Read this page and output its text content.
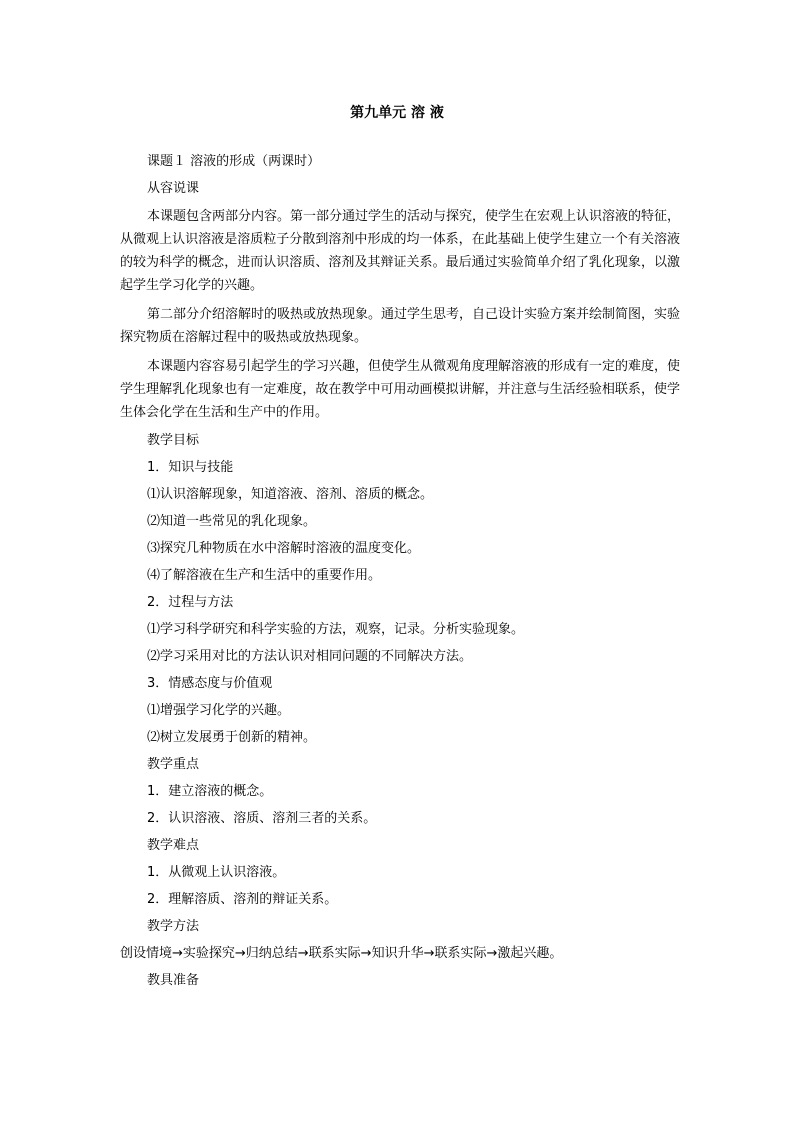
第九单元 溶 液
课题１ 溶液的形成（两课时）
从容说课

本课题包含两部分内容。第一部分通过学生的活动与探究，使学生在宏观上认识溶液的特征，从微观上认识溶液是溶质粒子分散到溶剂中形成的均一体系，在此基础上使学生建立一个有关溶液的较为科学的概念，进而认识溶质、溶剂及其辩证关系。最后通过实验简单介绍了乳化现象，以激起学生学习化学的兴趣。

第二部分介绍溶解时的吸热或放热现象。通过学生思考，自己设计实验方案并绘制简图，实验探究物质在溶解过程中的吸热或放热现象。

本课题内容容易引起学生的学习兴趣，但使学生从微观角度理解溶液的形成有一定的难度，使学生理解乳化现象也有一定难度，故在教学中可用动画模拟讲解，并注意与生活经验相联系，使学生体会化学在生活和生产中的作用。

教学目标
1．知识与技能
⑴认识溶解现象，知道溶液、溶剂、溶质的概念。
⑵知道一些常见的乳化现象。
⑶探究几种物质在水中溶解时溶液的温度变化。
⑷了解溶液在生产和生活中的重要作用。
2．过程与方法
⑴学习科学研究和科学实验的方法，观察，记录。分析实验现象。
⑵学习采用对比的方法认识对相同问题的不同解决方法。
3．情感态度与价值观
⑴增强学习化学的兴趣。
⑵树立发展勇于创新的精神。
教学重点
1．建立溶液的概念。
2．认识溶液、溶质、溶剂三者的关系。
教学难点
1．从微观上认识溶液。
2．理解溶质、溶剂的辩证关系。
教学方法
创设情境→实验探究→归纳总结→联系实际→知识升华→联系实际→激起兴趣。
教具准备
